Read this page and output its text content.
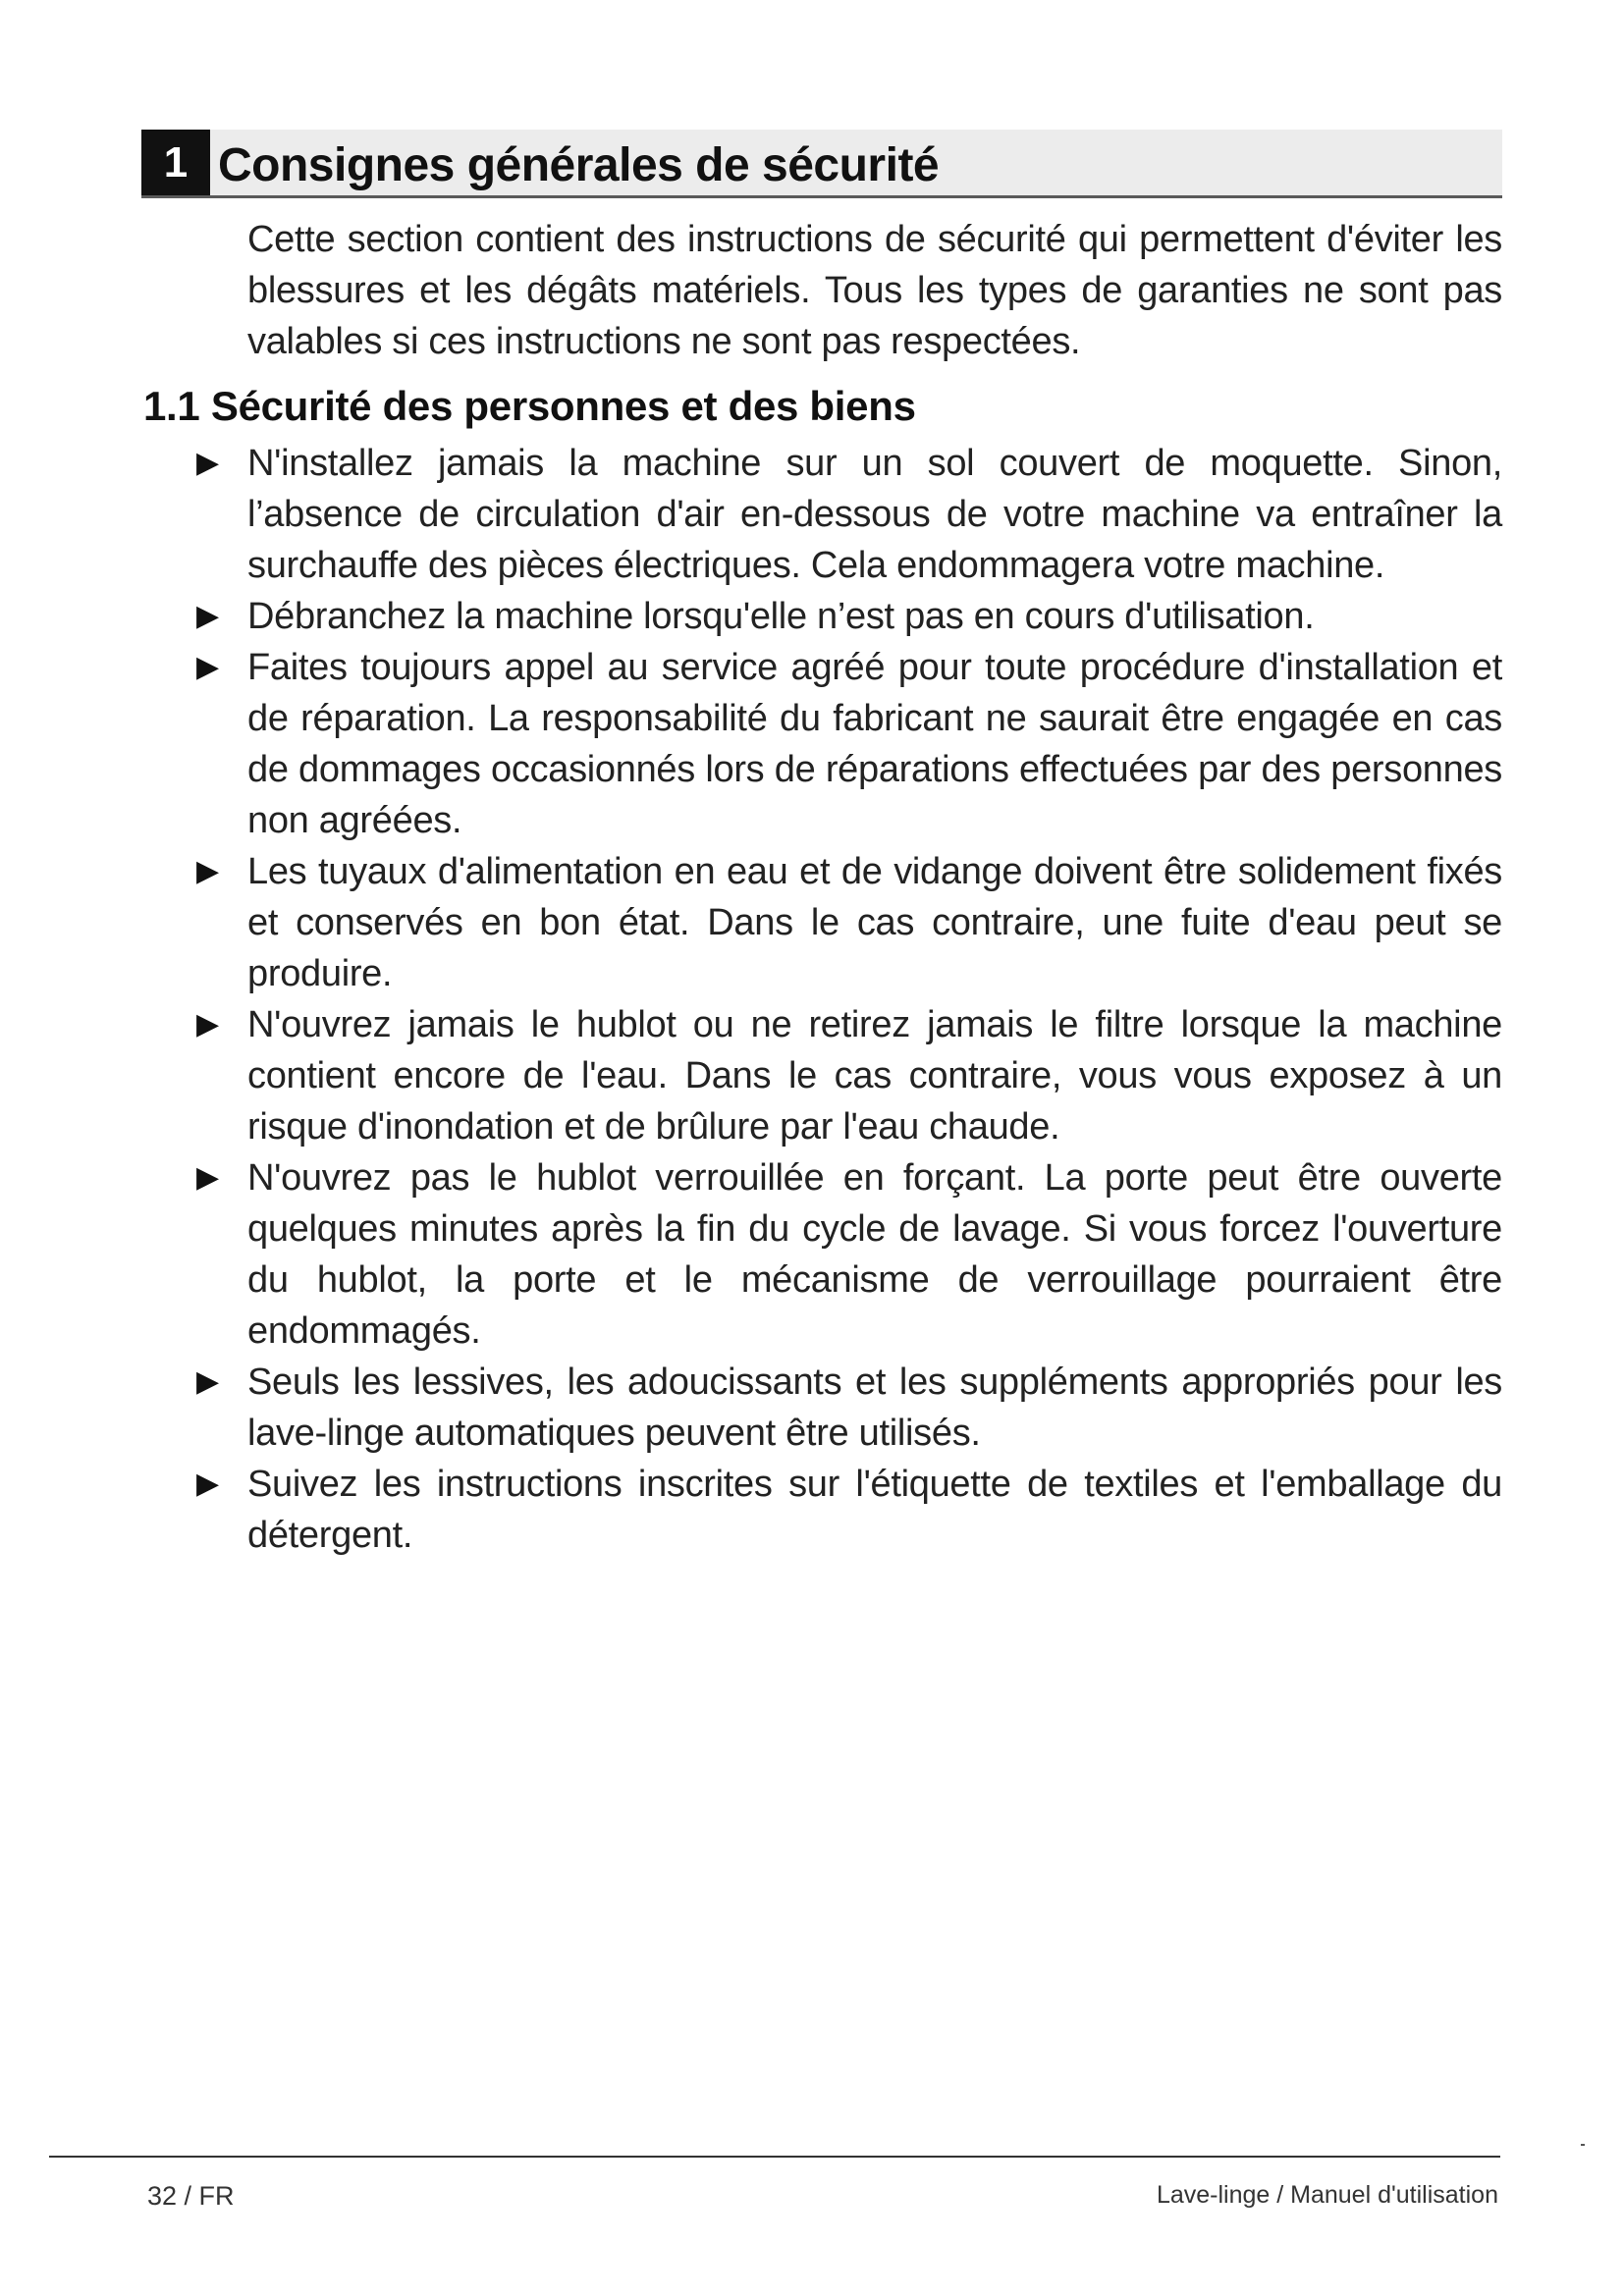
1 Consignes générales de sécurité

Cette section contient des instructions de sécurité qui permettent d'éviter les blessures et les dégâts matériels. Tous les types de garanties ne sont pas valables si ces instructions ne sont pas respectées.

1.1 Sécurité des personnes et des biens
▶ N'installez jamais la machine sur un sol couvert de moquette. Sinon, l’absence de circulation d'air en-dessous de votre machine va entraîner la surchauffe des pièces électriques. Cela endommagera votre machine.
▶ Débranchez la machine lorsqu'elle n’est pas en cours d'utilisation.
▶ Faites toujours appel au service agréé pour toute procédure d'installation et de réparation. La responsabilité du fabricant ne saurait être engagée en cas de dommages occasionnés lors de réparations effectuées par des personnes non agréées.
▶ Les tuyaux d'alimentation en eau et de vidange doivent être solidement fixés et conservés en bon état. Dans le cas contraire, une fuite d'eau peut se produire.
▶ N'ouvrez jamais le hublot ou ne retirez jamais le filtre lorsque la machine contient encore de l'eau. Dans le cas contraire, vous vous exposez à un risque d'inondation et de brûlure par l'eau chaude.
▶ N'ouvrez pas le hublot verrouillée en forçant. La porte peut être ouverte quelques minutes après la fin du cycle de lavage. Si vous forcez l'ouverture du hublot, la porte et le mécanisme de verrouillage pourraient être endommagés.
▶ Seuls les lessives, les adoucissants et les suppléments appropriés pour les lave-linge automatiques peuvent être utilisés.
▶ Suivez les instructions inscrites sur l'étiquette de textiles et l'emballage du détergent.
32 / FR	Lave-linge / Manuel d'utilisation
